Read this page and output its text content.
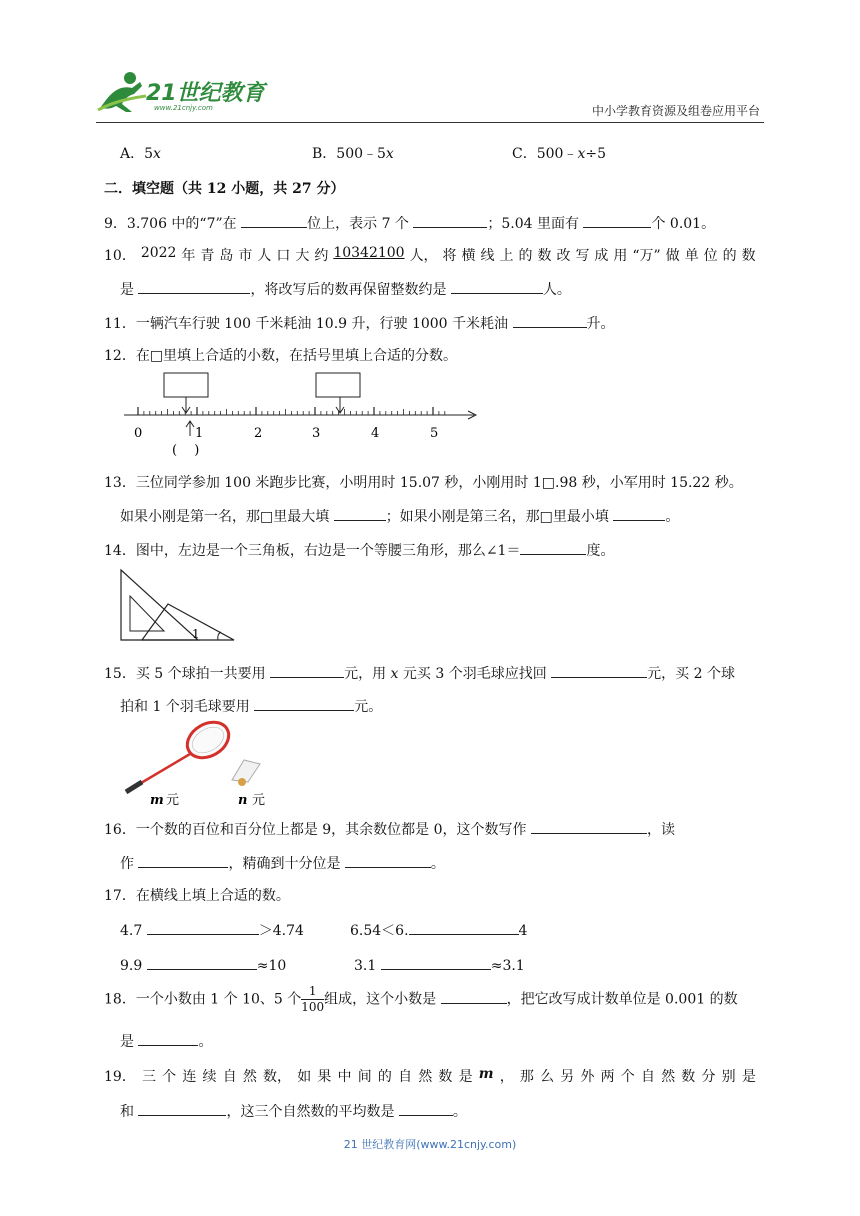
21世纪教育
www.21cnjy.com	中小学教育资源及组卷应用平台
A．5x	B．500﹣5x	C．500﹣x÷5
二．填空题（共 12 小题，共 27 分）
9．3.706 中的“7”在	位上，表示 7 个	；5.04 里面有	个 0.01。
10． 2022 年 青 岛 市 人 口 大 约 10342100 人， 将 横 线 上 的 数 改 写 成 用 “万” 做 单 位 的 数
是	，将改写后的数再保留整数约是	人。
11．一辆汽车行驶 100 千米耗油 10.9 升，行驶 1000 千米耗油	升。
12．在□里填上合适的小数，在括号里填上合适的分数。
0	1	2	3	4	5
(　 )
13．三位同学参加 100 米跑步比赛，小明用时 15.07 秒，小刚用时 1□.98 秒，小军用时 15.22 秒。
如果小刚是第一名，那□里最大填	；如果小刚是第三名，那□里最小填	。
14．图中，左边是一个三角板，右边是一个等腰三角形，那么∠1＝	度。
1
15．买 5 个球拍一共要用	元，用 x 元买 3 个羽毛球应找回	元，买 2 个球
拍和 1 个羽毛球要用	元。
m 元	n 元
16．一个数的百位和百分位上都是 9，其余数位都是 0，这个数写作	，读
作	，精确到十分位是	。
17．在横线上填上合适的数。
4.7	＞4.74	6.54＜6.	4
9.9	≈10	3.1	≈3.1
18．一个小数由 1 个 10、5 个 $\frac{1}{100}$ 组成，这个小数是	，把它改写成计数单位是 0.001 的数
是	。
19． 三 个 连 续 自 然 数， 如 果 中 间 的 自 然 数 是 m ， 那 么 另 外 两 个 自 然 数 分 别 是
和	，这三个自然数的平均数是	。
21 世纪教育网(www.21cnjy.com)
